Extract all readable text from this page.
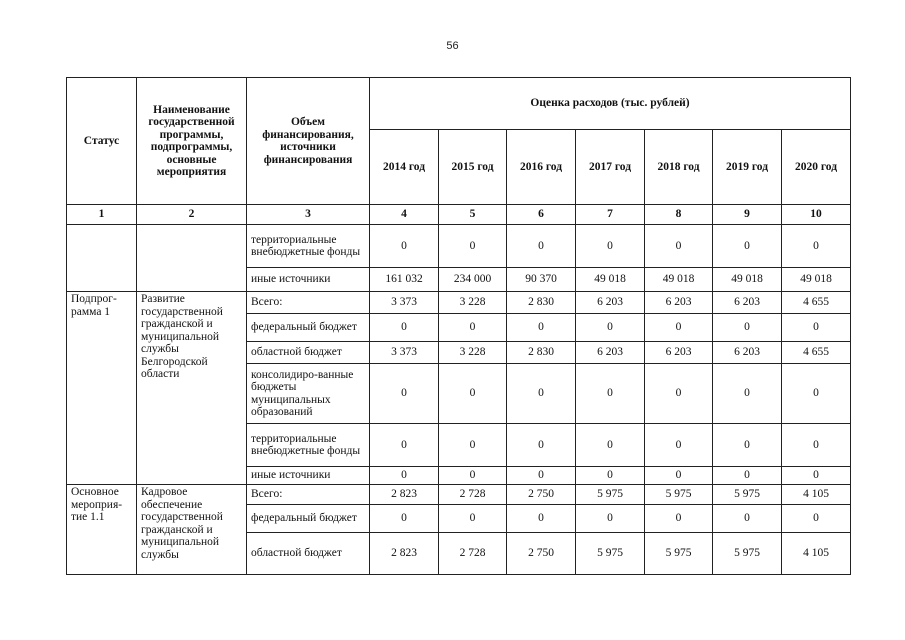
56
Статус	Наименование государственной программы, подпрограммы, основные мероприятия	Объем финансирования, источники финансирования	Оценка расходов (тыс. рублей)						
			2014 год	2015 год	2016 год	2017 год	2018 год	2019 год	2020 год
1	2	3	4	5	6	7	8	9	10
		территориальные внебюджетные фонды	0	0	0	0	0	0	0
		иные источники	161 032	234 000	90 370	49 018	49 018	49 018	49 018
Подпрог-рамма 1	Развитие государственной гражданской и муниципальной службы Белгородской области	Всего:	3 373	3 228	2 830	6 203	6 203	6 203	4 655
		федеральный бюджет	0	0	0	0	0	0	0
		областной бюджет	3 373	3 228	2 830	6 203	6 203	6 203	4 655
		консолидиро-ванные бюджеты муниципальных образований	0	0	0	0	0	0	0
		территориальные внебюджетные фонды	0	0	0	0	0	0	0
		иные источники	0	0	0	0	0	0	0
Основное мероприя-тие 1.1	Кадровое обеспечение государственной гражданской и муниципальной службы	Всего:	2 823	2 728	2 750	5 975	5 975	5 975	4 105
		федеральный бюджет	0	0	0	0	0	0	0
		областной бюджет	2 823	2 728	2 750	5 975	5 975	5 975	4 105
